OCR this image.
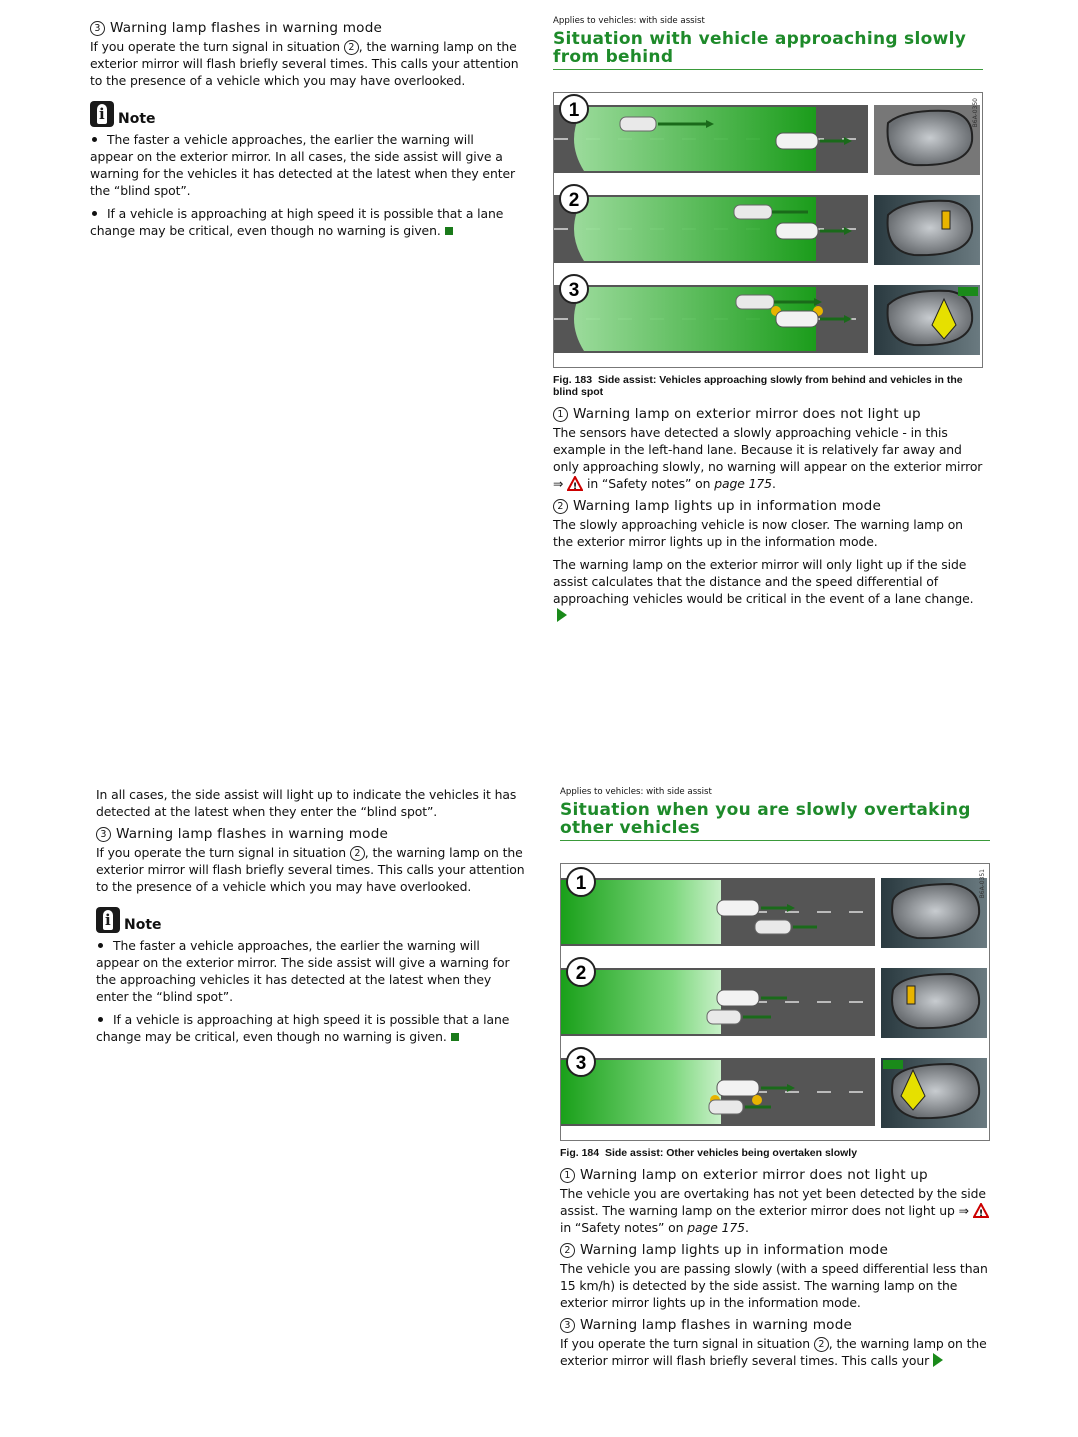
3 Warning lamp flashes in warning mode

If you operate the turn signal in situation 2 , the warning lamp on the exterior mirror will flash briefly several times. This calls your attention to the presence of a vehicle which you may have overlooked.

i
Note

The faster a vehicle approaches, the earlier the warning will appear on the exterior mirror. In all cases, the side assist will give a warning for the vehicles it has detected at the latest when they enter the “blind spot”.

If a vehicle is approaching at high speed it is possible that a lane change may be critical, even though no warning is given.

Applies to vehicles: with side assist

Situation with vehicle approaching slowly from behind
1
2
3
B6A-0350

Fig. 183 Side assist: Vehicles approaching slowly from behind and vehicles in the blind spot

1 Warning lamp on exterior mirror does not light up

The sensors have detected a slowly approaching vehicle - in this example in the left-hand lane. Because it is relatively far away and only approaching slowly, no warning will appear on the exterior mirror ⇒ ! in “Safety notes” on page 175.

2 Warning lamp lights up in information mode

The slowly approaching vehicle is now closer. The warning lamp on the exterior mirror lights up in the information mode.

The warning lamp on the exterior mirror will only light up if the side assist calculates that the distance and the speed differential of approaching vehicles would be critical in the event of a lane change.

In all cases, the side assist will light up to indicate the vehicles it has detected at the latest when they enter the “blind spot”.

3 Warning lamp flashes in warning mode

If you operate the turn signal in situation 2 , the warning lamp on the exterior mirror will flash briefly several times. This calls your attention to the presence of a vehicle which you may have overlooked.

i
Note

The faster a vehicle approaches, the earlier the warning will appear on the exterior mirror. The side assist will give a warning for the approaching vehicles it has detected at the latest when they enter the “blind spot”.

If a vehicle is approaching at high speed it is possible that a lane change may be critical, even though no warning is given.

Applies to vehicles: with side assist

Situation when you are slowly overtaking other vehicles
1
2
3
B6A-0351

Fig. 184 Side assist: Other vehicles being overtaken slowly

1 Warning lamp on exterior mirror does not light up

The vehicle you are overtaking has not yet been detected by the side assist. The warning lamp on the exterior mirror does not light up ⇒ !
in “Safety notes” on page 175.

2 Warning lamp lights up in information mode

The vehicle you are passing slowly (with a speed differential less than 15 km/h) is detected by the side assist. The warning lamp on the exterior mirror lights up in the information mode.

3 Warning lamp flashes in warning mode

If you operate the turn signal in situation 2 , the warning lamp on the exterior mirror will flash briefly several times. This calls your
